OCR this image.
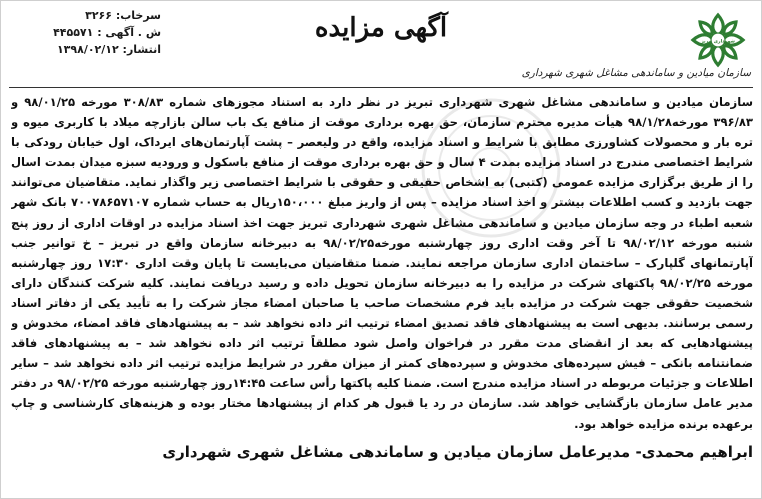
سرخاب: ۳۲۶۶
ش . آگهی : ۴۴۵۵۷۱
انتشار: ۱۳۹۸/۰۲/۱۲
آگهی مزایده	شهرداری تبریز
سازمان میادین و ساماندهی مشاغل شهری شهرداری
سازمان میادین و ساماندهی مشاغل شهری شهرداری تبریز در نظر دارد به استناد مجوزهای شماره ۳۰۸/۸۳ مورخه ۹۸/۰۱/۲۵ و ۳۹۶/۸۳ مورخه۹۸/۱/۲۸ هیأت مدیره محترم سازمان، حق بهره برداری موقت از منافع یک باب سالن بازارچه میلاد با کاربری میوه و تره بار و محصولات کشاورزی مطابق با شرایط و اسناد مزایده، واقع در ولیعصر – پشت آپارتمان‌های ایرداک، اول خیابان رودکی با شرایط اختصاصی مندرج در اسناد مزایده بمدت ۴ سال و حق بهره برداری موقت از منافع باسکول و ورودیه سبزه میدان بمدت اسال را از طریق برگزاری مزایده عمومی (کتبی) به اشخاص حقیقی و حقوقی با شرایط اختصاصی زیر واگذار نماید. متقاضیان می‌توانند جهت بازدید و کسب اطلاعات بیشتر و اخذ اسناد مزایده – پس از واریز مبلغ ۱۵۰،۰۰۰ریال به حساب شماره ۷۰۰۷۸۶۵۷۱۰۷ بانک شهر شعبه اطباء در وجه سازمان میادین و ساماندهی مشاغل شهری شهرداری تبریز جهت اخذ اسناد مزایده در اوقات اداری از روز پنج شنبه مورخه ۹۸/۰۲/۱۲ تا آخر وقت اداری روز چهارشنبه مورخه۹۸/۰۲/۲۵ به دبیرخانه سازمان واقع در تبریز – خ توانیر جنب آپارتمانهای گلپارک – ساختمان اداری سازمان مراجعه نمایند. ضمنا متقاضیان می‌بایست تا پایان وقت اداری ۱۷:۳۰ روز چهارشنبه مورخه ۹۸/۰۲/۲۵ پاکتهای شرکت در مزایده را به دبیرخانه سازمان تحویل داده و رسید دریافت نمایند. کلیه شرکت کنندگان دارای شخصیت حقوقی جهت شرکت در مزایده باید فرم مشخصات صاحب یا صاحبان امضاء مجاز شرکت را به تأیید یکی از دفاتر اسناد رسمی برسانند. بدیهی است به پیشنهادهای فاقد تصدیق امضاء ترتیب اثر داده نخواهد شد – به پیشنهادهای فاقد امضاء، مخدوش و پیشنهادهایی که بعد از انقضای مدت مقرر در فراخوان واصل شود مطلقاً ترتیب اثر داده نخواهد شد – به پیشنهادهای فاقد ضمانتنامه بانکی – فیش سپرده‌های مخدوش و سپرده‌های کمتر از میزان مقرر در شرایط مزایده ترتیب اثر داده نخواهد شد – سایر اطلاعات و جزئیات مربوطه در اسناد مزایده مندرج است. ضمنا کلیه پاکتها رأس ساعت ۱۴:۴۵روز چهارشنبه مورخه ۹۸/۰۲/۲۵ در دفتر مدیر عامل سازمان بازگشایی خواهد شد. سازمان در رد یا قبول هر کدام از پیشنهادها مختار بوده و هزینه‌های کارشناسی و چاپ برعهده برنده مزایده خواهد بود.
ابراهیم محمدی- مدیرعامل سازمان میادین و ساماندهی مشاغل شهری شهرداری
